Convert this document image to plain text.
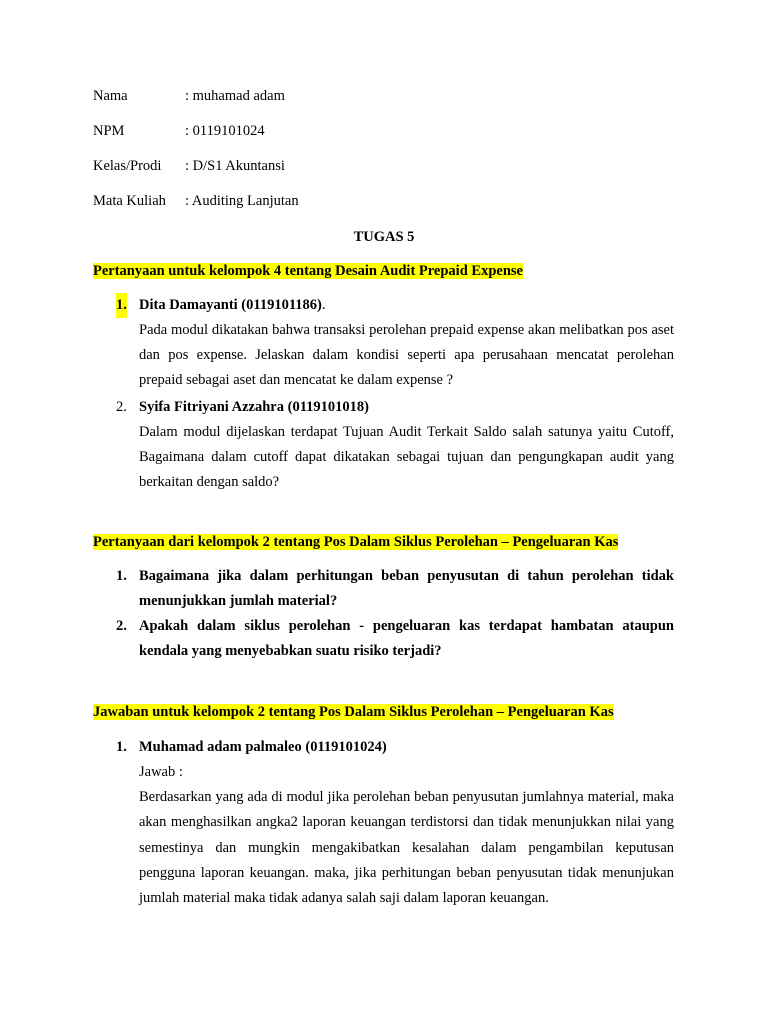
Nama	: muhamad adam
NPM	: 0119101024
Kelas/Prodi : D/S1 Akuntansi
Mata Kuliah : Auditing Lanjutan
TUGAS 5
Pertanyaan untuk kelompok 4 tentang Desain Audit Prepaid Expense
1. Dita Damayanti (0119101186).

Pada modul dikatakan bahwa transaksi perolehan prepaid expense akan melibatkan pos aset dan pos expense. Jelaskan dalam kondisi seperti apa perusahaan mencatat perolehan prepaid sebagai aset dan mencatat ke dalam expense ?

2. Syifa Fitriyani Azzahra (0119101018)

Dalam modul dijelaskan terdapat Tujuan Audit Terkait Saldo salah satunya yaitu Cutoff, Bagaimana dalam cutoff dapat dikatakan sebagai tujuan dan pengungkapan audit yang berkaitan dengan saldo?

Pertanyaan dari kelompok 2 tentang Pos Dalam Siklus Perolehan – Pengeluaran Kas
1. Bagaimana jika dalam perhitungan beban penyusutan di tahun perolehan tidak menunjukkan jumlah material?

2. Apakah dalam siklus perolehan - pengeluaran kas terdapat hambatan ataupun kendala yang menyebabkan suatu risiko terjadi?

Jawaban untuk kelompok 2 tentang Pos Dalam Siklus Perolehan – Pengeluaran Kas
1. Muhamad adam palmaleo (0119101024)

Jawab :

Berdasarkan yang ada di modul jika perolehan beban penyusutan jumlahnya material, maka akan menghasilkan angka2 laporan keuangan terdistorsi dan tidak menunjukkan nilai yang semestinya dan mungkin mengakibatkan kesalahan dalam pengambilan keputusan pengguna laporan keuangan. maka, jika perhitungan beban penyusutan tidak menunjukan jumlah material maka tidak adanya salah saji dalam laporan keuangan.
